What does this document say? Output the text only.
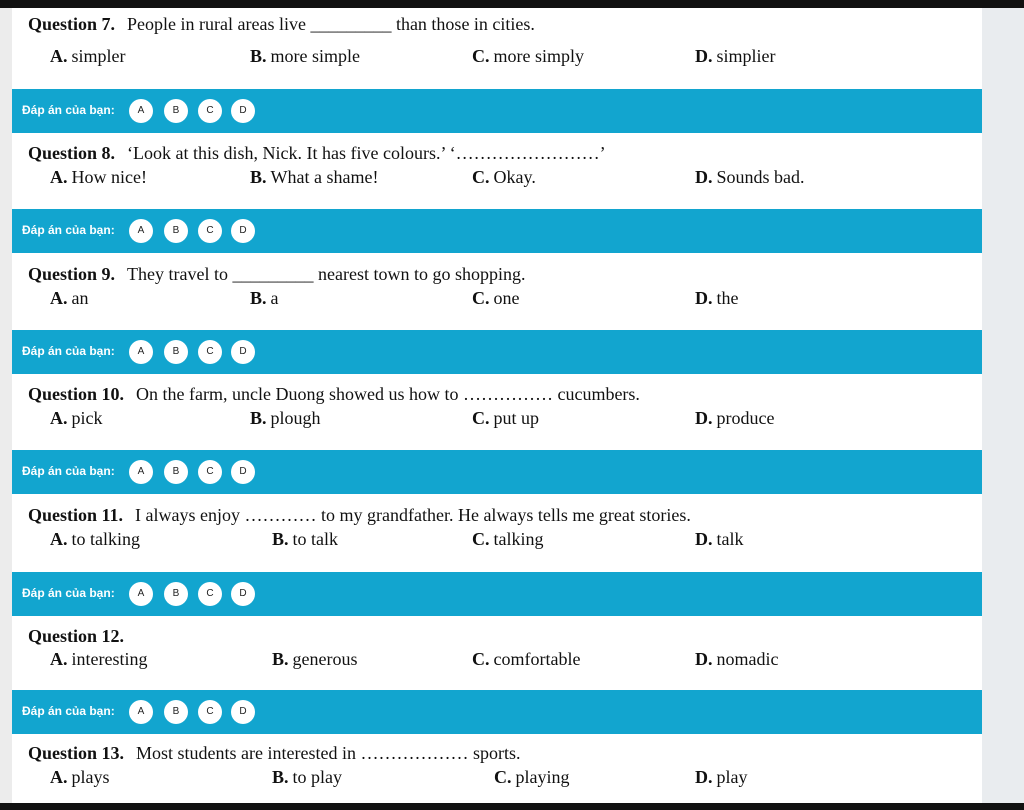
Question 7. People in rural areas live _________ than those in cities.
A. simpler	B. more simple	C. more simply	D. simplier
Đáp án của bạn:	A	B	C	D
Question 8. ‘Look at this dish, Nick. It has five colours.’ ‘……………………’
A. How nice!	B. What a shame!	C. Okay.	D. Sounds bad.
Đáp án của bạn:	A	B	C	D
Question 9. They travel to _________ nearest town to go shopping.
A. an	B. a	C. one	D. the
Đáp án của bạn:	A	B	C	D
Question 10. On the farm, uncle Duong showed us how to …………… cucumbers.
A. pick	B. plough	C. put up	D. produce
Đáp án của bạn:	A	B	C	D
Question 11. I always enjoy ………… to my grandfather. He always tells me great stories.
A. to talking	B. to talk	C. talking	D. talk
Đáp án của bạn:	A	B	C	D
Question 12.
A. interesting	B. generous	C. comfortable	D. nomadic
Đáp án của bạn:	A	B	C	D
Question 13. Most students are interested in ……………… sports.
A. plays	B. to play	C. playing	D. play
